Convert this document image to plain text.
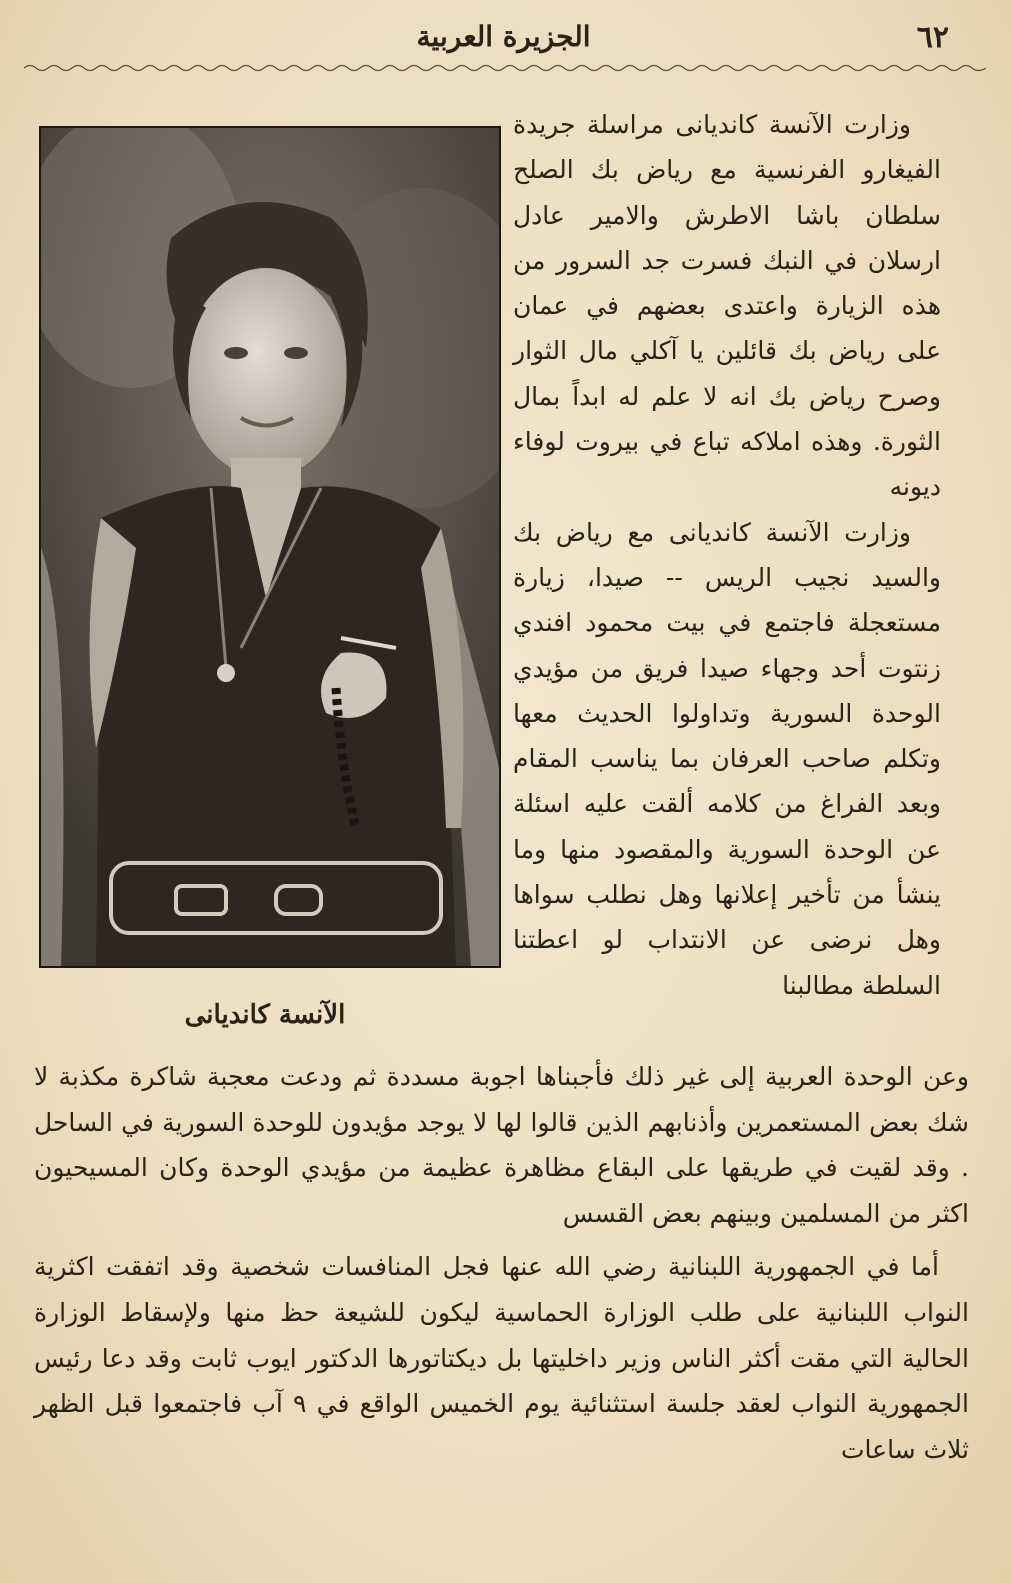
٦٢
الجزيرة العربية

وزارت الآنسة كانديانى مراسلة جريدة الفيغارو الفرنسية مع رياض بك الصلح سلطان باشا الاطرش والامير عادل ارسلان في النبك فسرت جد السرور من هذه الزيارة واعتدى بعضهم في عمان على رياض بك قائلين يا آكلي مال الثوار وصرح رياض بك انه لا علم له ابداً بمال الثورة. وهذه املاكه تباع في بيروت لوفاء ديونه

وزارت الآنسة كانديانى مع رياض بك والسيد نجيب الريس -- صيدا، زيارة مستعجلة فاجتمع في بيت محمود افندي زنتوت أحد وجهاء صيدا فريق من مؤيدي الوحدة السورية وتداولوا الحديث معها وتكلم صاحب العرفان بما يناسب المقام وبعد الفراغ من كلامه ألقت عليه اسئلة عن الوحدة السورية والمقصود منها وما ينشأ من تأخير إعلانها وهل نطلب سواها وهل نرضى عن الانتداب لو اعطتنا السلطة مطالبنا

الآنسة كانديانى

وعن الوحدة العربية إلى غير ذلك فأجبناها اجوبة مسددة ثم ودعت معجبة شاكرة مكذبة لا شك بعض المستعمرين وأذنابهم الذين قالوا لها لا يوجد مؤيدون للوحدة السورية في الساحل . وقد لقيت في طريقها على البقاع مظاهرة عظيمة من مؤيدي الوحدة وكان المسيحيون اكثر من المسلمين وبينهم بعض القسس

أما في الجمهورية اللبنانية رضي الله عنها فجل المنافسات شخصية وقد اتفقت اكثرية النواب اللبنانية على طلب الوزارة الحماسية ليكون للشيعة حظ منها ولإسقاط الوزارة الحالية التي مقت أكثر الناس وزير داخليتها بل ديكتاتورها الدكتور ايوب ثابت وقد دعا رئيس الجمهورية النواب لعقد جلسة استثنائية يوم الخميس الواقع في ٩ آب فاجتمعوا قبل الظهر ثلاث ساعات
